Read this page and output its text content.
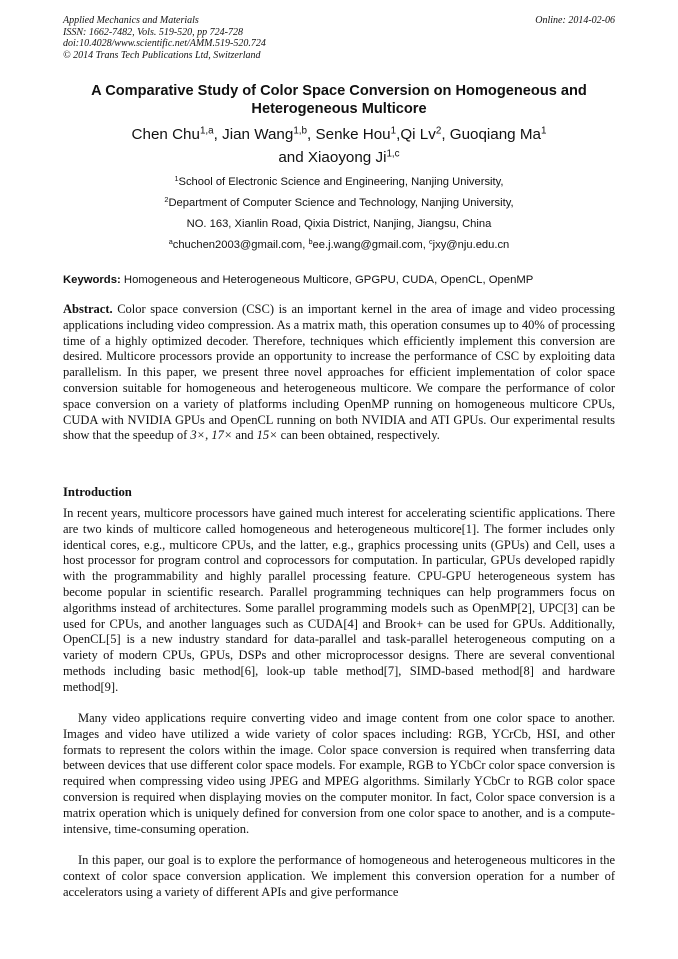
Applied Mechanics and Materials
ISSN: 1662-7482, Vols. 519-520, pp 724-728
doi:10.4028/www.scientific.net/AMM.519-520.724
© 2014 Trans Tech Publications Ltd, Switzerland
Online: 2014-02-06
A Comparative Study of Color Space Conversion on Homogeneous and
Heterogeneous Multicore
Chen Chu$^{1,a}$, Jian Wang$^{1,b}$, Senke Hou$^1$,Qi Lv$^2$, Guoqiang Ma$^1$
and Xiaoyong Ji$^{1,c}$
$^1$School of Electronic Science and Engineering, Nanjing University,
$^2$Department of Computer Science and Technology, Nanjing University,
NO. 163, Xianlin Road, Qixia District, Nanjing, Jiangsu, China
$^a$chuchen2003@gmail.com, $^b$ee.j.wang@gmail.com, $^c$jxy@nju.edu.cn
Keywords: Homogeneous and Heterogeneous Multicore, GPGPU, CUDA, OpenCL, OpenMP
Abstract. Color space conversion (CSC) is an important kernel in the area of image and video processing applications including video compression. As a matrix math, this operation consumes up to 40% of processing time of a highly optimized decoder. Therefore, techniques which efficiently implement this conversion are desired. Multicore processors provide an opportunity to increase the performance of CSC by exploiting data parallelism. In this paper, we present three novel approaches for efficient implementation of color space conversion suitable for homogeneous and heterogeneous multicore. We compare the performance of color space conversion on a variety of platforms including OpenMP running on homogeneous multicore CPUs, CUDA with NVIDIA GPUs and OpenCL running on both NVIDIA and ATI GPUs. Our experimental results show that the speedup of 3×, 17× and 15× can been obtained, respectively.
Introduction
In recent years, multicore processors have gained much interest for accelerating scientific applications. There are two kinds of multicore called homogeneous and heterogeneous multicore[1]. The former includes only identical cores, e.g., multicore CPUs, and the latter, e.g., graphics processing units (GPUs) and Cell, uses a host processor for program control and coprocessors for computation. In particular, GPUs developed rapidly with the programmability and highly parallel processing feature. CPU-GPU heterogeneous system has become popular in scientific research. Parallel programming techniques can help programmers focus on algorithms instead of architectures. Some parallel programming models such as OpenMP[2], UPC[3] can be used for CPUs, and another languages such as CUDA[4] and Brook+ can be used for GPUs. Additionally, OpenCL[5] is a new industry standard for data-parallel and task-parallel heterogeneous computing on a variety of modern CPUs, GPUs, DSPs and other microprocessor designs. There are several conventional methods including basic method[6], look-up table method[7], SIMD-based method[8] and hardware method[9].
Many video applications require converting video and image content from one color space to another. Images and video have utilized a wide variety of color spaces including: RGB, YCrCb, HSI, and other formats to represent the colors within the image. Color space conversion is required when transferring data between devices that use different color space models. For example, RGB to YCbCr color space conversion is required when compressing video using JPEG and MPEG algorithms. Similarly YCbCr to RGB color space conversion is required when displaying movies on the computer monitor. In fact, Color space conversion is a matrix operation which is uniquely defined for conversion from one color space to another, and is a compute-intensive, time-consuming operation.
In this paper, our goal is to explore the performance of homogeneous and heterogeneous multicores in the context of color space conversion application. We implement this conversion operation for a number of accelerators using a variety of different APIs and give performance
